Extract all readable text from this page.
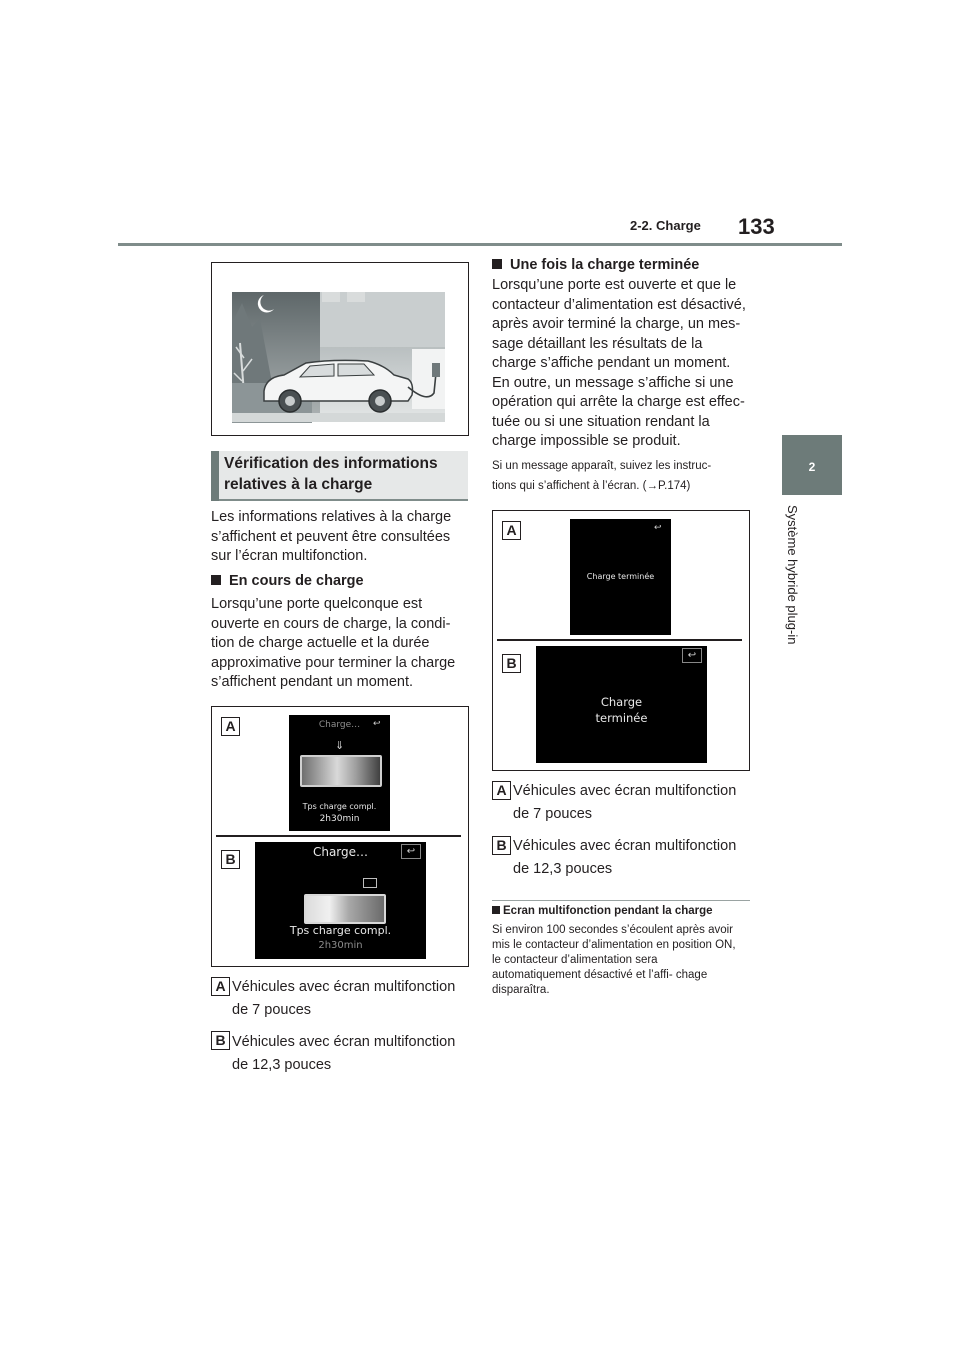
2-2. Charge 133
2
Système hybride plug-in
Vérification des informations relatives à la charge
Les informations relatives à la charge s’affichent et peuvent être consultées sur l’écran multifonction.
En cours de charge
Lorsqu’une porte quelconque est ouverte en cours de charge, la condi- tion de charge actuelle et la durée approximative pour terminer la charge s’affichent pendant un moment.
A	Charge…	↩
⇓
Tps charge compl.
2h30min
B	Charge…	↩
Tps charge compl.
2h30min
A Véhicules avec écran multifonction
de 7 pouces
B Véhicules avec écran multifonction
de 12,3 pouces
Une fois la charge terminée
Lorsqu’une porte est ouverte et que le contacteur d’alimentation est désactivé, après avoir terminé la charge, un mes- sage détaillant les résultats de la charge s’affiche pendant un moment. En outre, un message s’affiche si une opération qui arrête la charge est effec- tuée ou si une situation rendant la charge impossible se produit.
Si un message apparaît, suivez les instruc-
tions qui s’affichent à l’écran. (→P.174)
A	↩
Charge terminée
B	↩
Charge
terminée
A Véhicules avec écran multifonction
de 7 pouces
B Véhicules avec écran multifonction
de 12,3 pouces
Ecran multifonction pendant la charge
Si environ 100 secondes s’écoulent après avoir mis le contacteur d’alimentation en position ON, le contacteur d’alimentation sera automatiquement désactivé et l’affi- chage disparaîtra.
